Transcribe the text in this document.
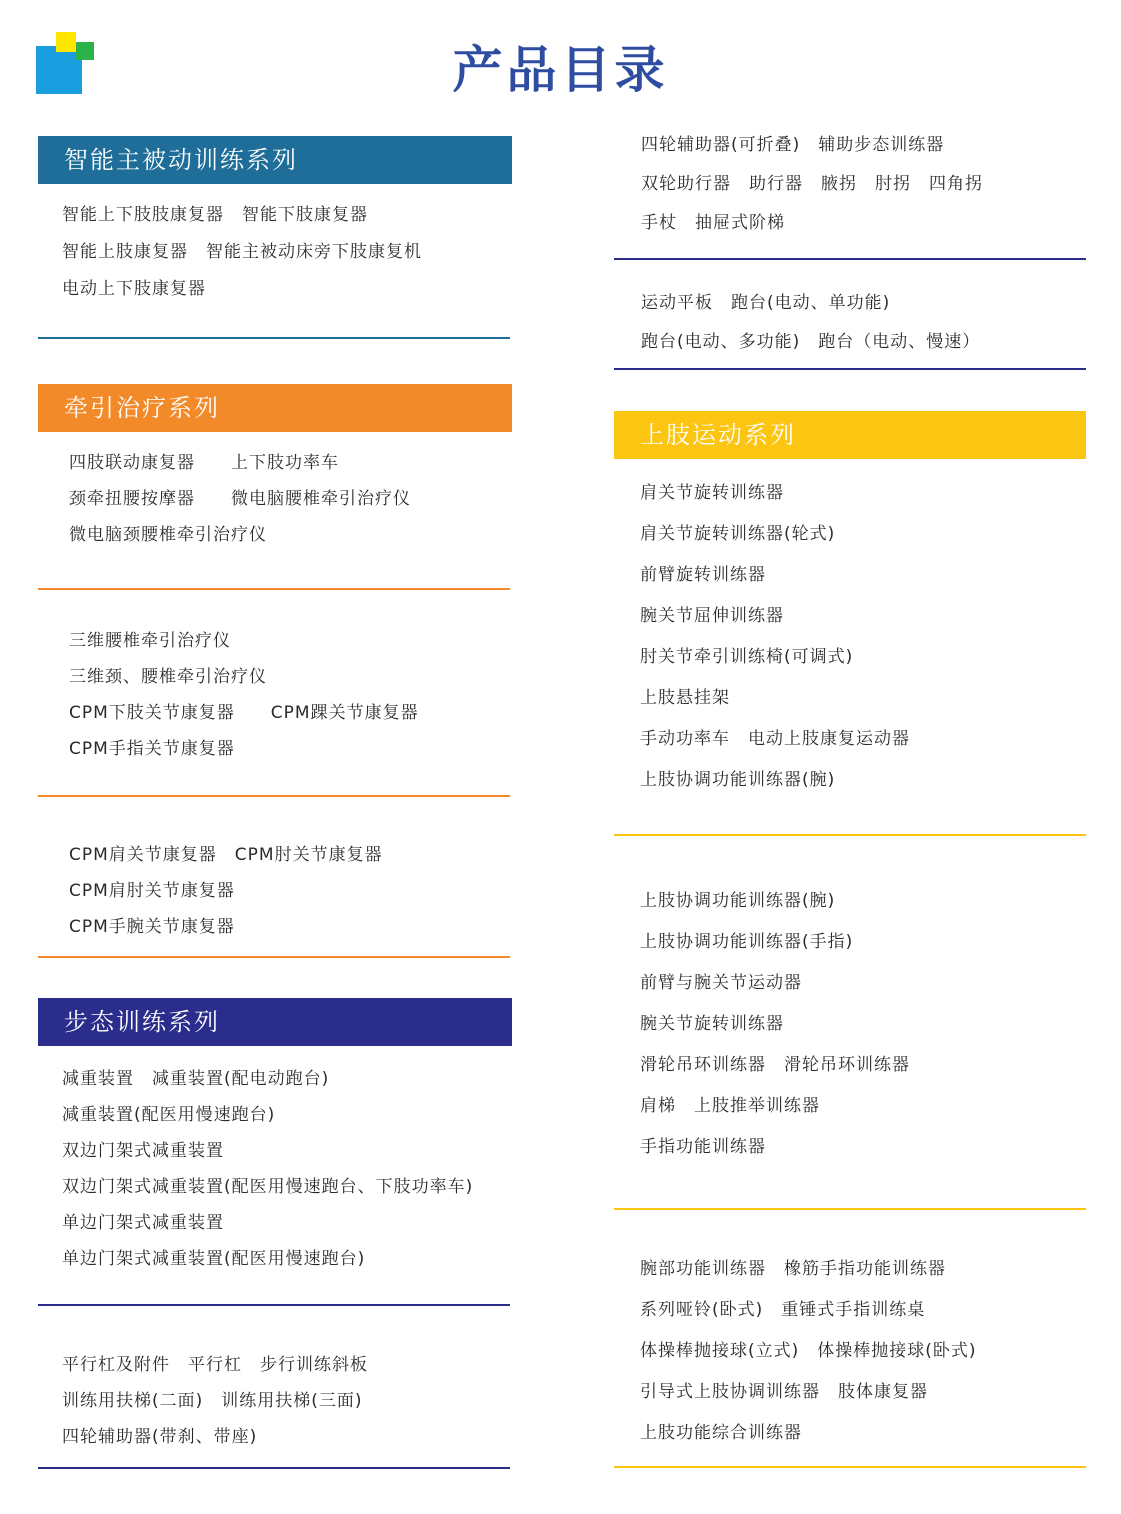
产品目录
智能主被动训练系列
智能上下肢肢康复器　智能下肢康复器
智能上肢康复器　智能主被动床旁下肢康复机
电动上下肢康复器
牵引治疗系列
四肢联动康复器　　上下肢功率车
颈牵扭腰按摩器　　微电脑腰椎牵引治疗仪
微电脑颈腰椎牵引治疗仪
三维腰椎牵引治疗仪
三维颈、腰椎牵引治疗仪
CPM下肢关节康复器　　CPM踝关节康复器
CPM手指关节康复器
CPM肩关节康复器　CPM肘关节康复器
CPM肩肘关节康复器
CPM手腕关节康复器
步态训练系列
减重装置　减重装置(配电动跑台)
减重装置(配医用慢速跑台)
双边门架式减重装置
双边门架式减重装置(配医用慢速跑台、下肢功率车)
单边门架式减重装置
单边门架式减重装置(配医用慢速跑台)
平行杠及附件　平行杠　步行训练斜板
训练用扶梯(二面)　训练用扶梯(三面)
四轮辅助器(带刹、带座)
四轮辅助器(可折叠)　辅助步态训练器
双轮助行器　助行器　腋拐　肘拐　四角拐
手杖　抽屉式阶梯
运动平板　跑台(电动、单功能)
跑台(电动、多功能)　跑台（电动、慢速）
上肢运动系列
肩关节旋转训练器
肩关节旋转训练器(轮式)
前臂旋转训练器
腕关节屈伸训练器
肘关节牵引训练椅(可调式)
上肢悬挂架
手动功率车　电动上肢康复运动器
上肢协调功能训练器(腕)
上肢协调功能训练器(腕)
上肢协调功能训练器(手指)
前臂与腕关节运动器
腕关节旋转训练器
滑轮吊环训练器　滑轮吊环训练器
肩梯　上肢推举训练器
手指功能训练器
腕部功能训练器　橡筋手指功能训练器
系列哑铃(卧式)　重锤式手指训练桌
体操棒抛接球(立式)　体操棒抛接球(卧式)
引导式上肢协调训练器　肢体康复器
上肢功能综合训练器
